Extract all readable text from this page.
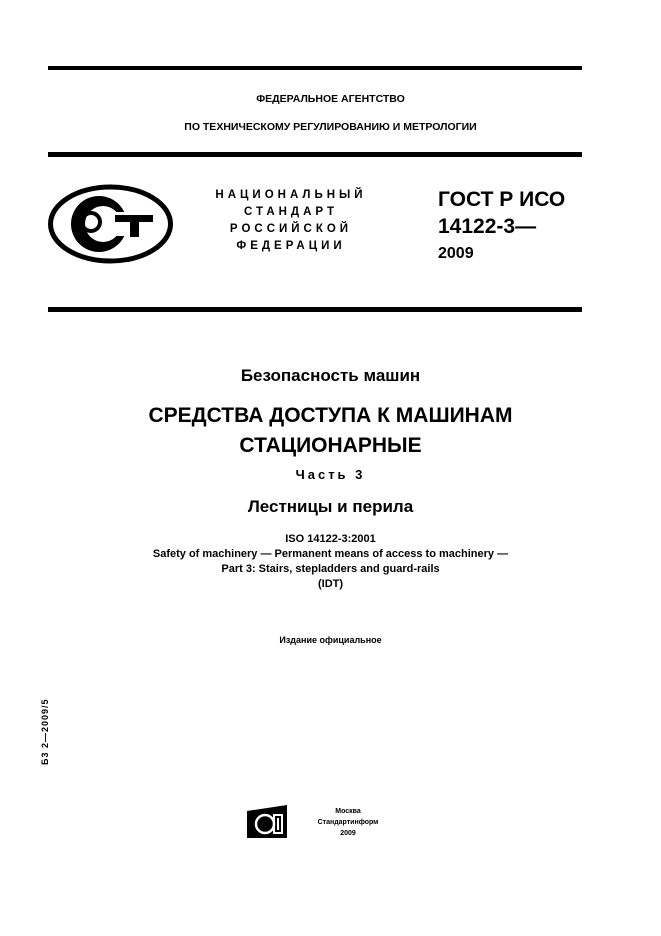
ФЕДЕРАЛЬНОЕ АГЕНТСТВО
ПО ТЕХНИЧЕСКОМУ РЕГУЛИРОВАНИЮ И МЕТРОЛОГИИ
НАЦИОНАЛЬНЫЙ
СТАНДАРТ
РОССИЙСКОЙ
ФЕДЕРАЦИИ
ГОСТ Р ИСО
14122-3—
2009
Безопасность машин
СРЕДСТВА ДОСТУПА К МАШИНАМ
СТАЦИОНАРНЫЕ
Часть 3
Лестницы и перила
ISO 14122-3:2001
Safety of machinery — Permanent means of access to machinery —
Part 3: Stairs, stepladders and guard-rails
(IDT)
Издание официальное
Б3 2—2009/5
Москва
Стандартинформ
2009
